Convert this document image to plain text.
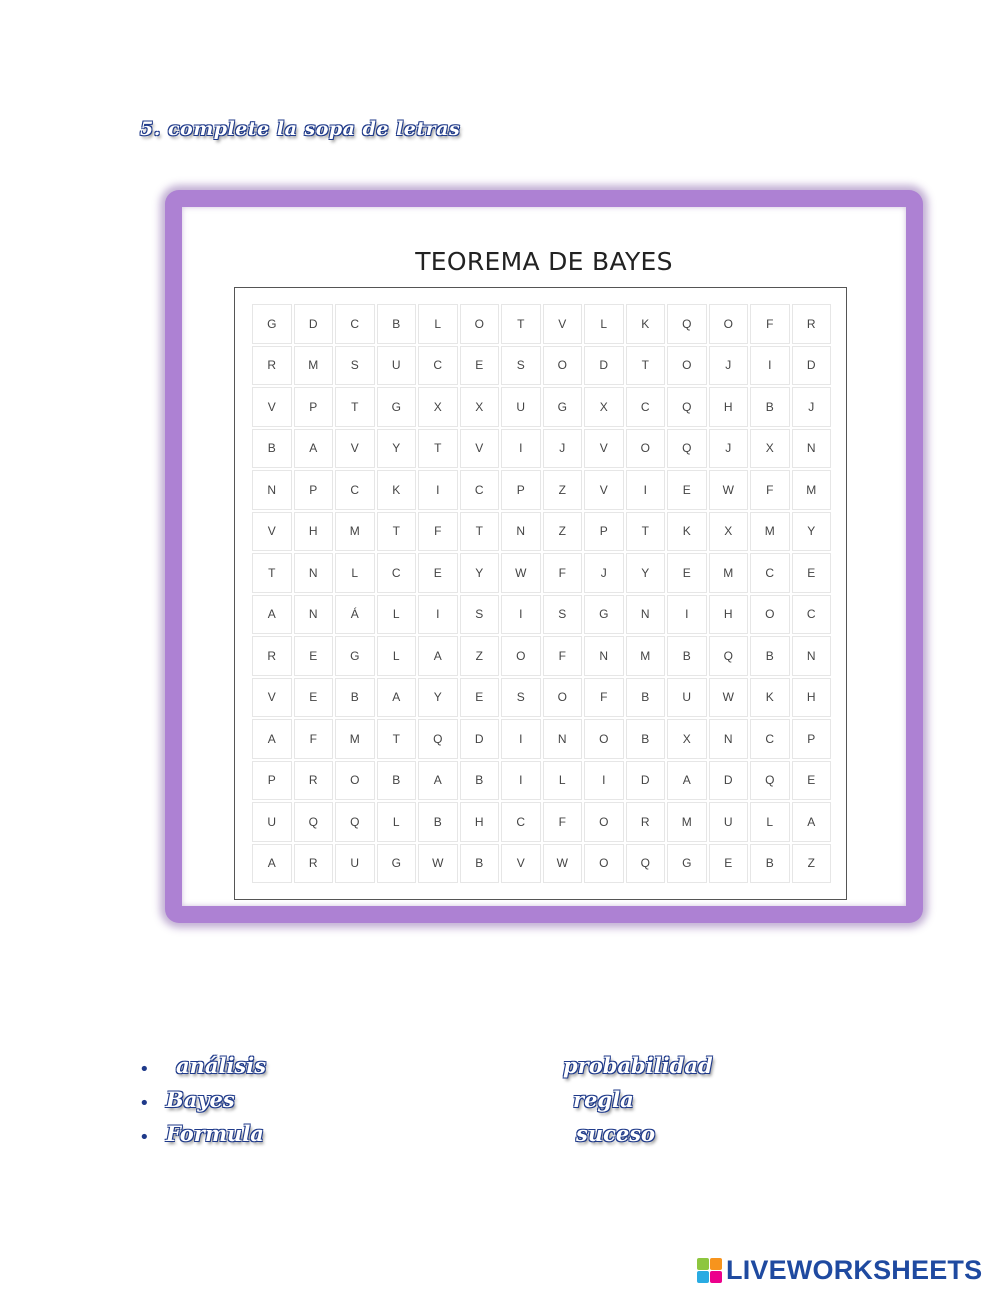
5. complete la sopa de letras
TEOREMA DE BAYES
G	D	C	B	L	O	T	V	L	K	Q	O	F	R
R	M	S	U	C	E	S	O	D	T	O	J	I	D
V	P	T	G	X	X	U	G	X	C	Q	H	B	J
B	A	V	Y	T	V	I	J	V	O	Q	J	X	N
N	P	C	K	I	C	P	Z	V	I	E	W	F	M
V	H	M	T	F	T	N	Z	P	T	K	X	M	Y
T	N	L	C	E	Y	W	F	J	Y	E	M	C	E
A	N	Á	L	I	S	I	S	G	N	I	H	O	C
R	E	G	L	A	Z	O	F	N	M	B	Q	B	N
V	E	B	A	Y	E	S	O	F	B	U	W	K	H
A	F	M	T	Q	D	I	N	O	B	X	N	C	P
P	R	O	B	A	B	I	L	I	D	A	D	Q	E
U	Q	Q	L	B	H	C	F	O	R	M	U	L	A
A	R	U	G	W	B	V	W	O	Q	G	E	B	Z
•
•
•
análisis
Bayes
Formula
probabilidad
regla
suceso
LIVEWORKSHEETS
